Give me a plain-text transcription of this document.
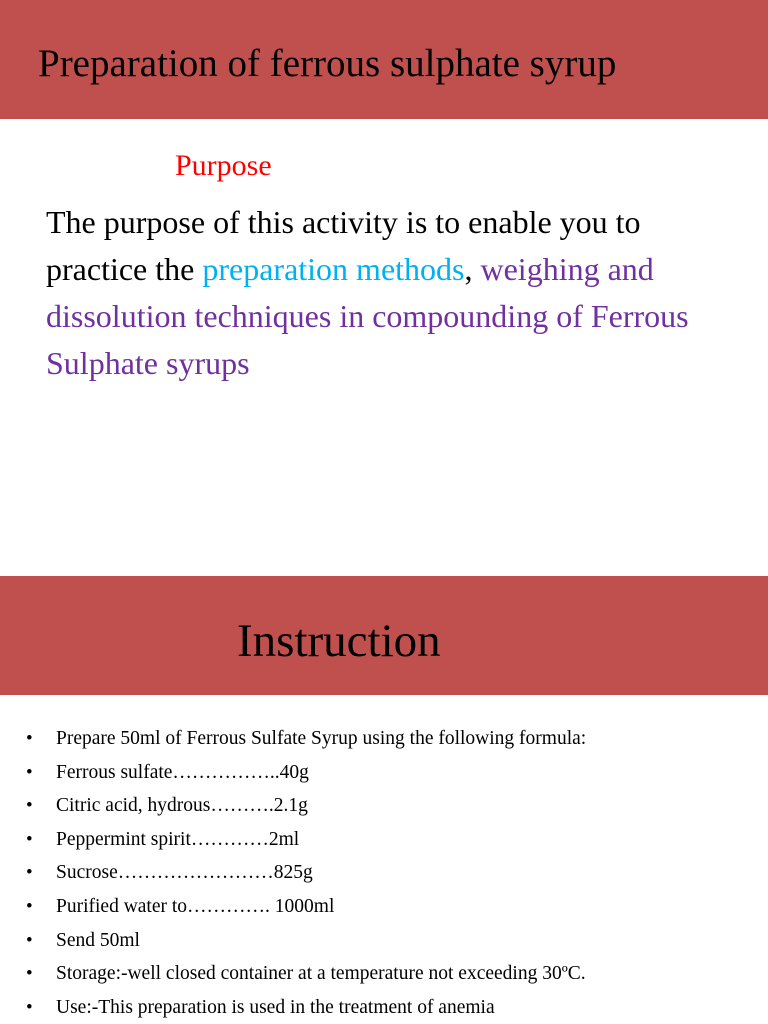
Preparation of ferrous sulphate syrup
Purpose
The purpose of this activity is to enable you to practice the preparation methods, weighing and dissolution techniques in compounding of Ferrous Sulphate syrups
Instruction
• Prepare 50ml of Ferrous Sulfate Syrup using the following formula:
• Ferrous sulfate……………..40g
• Citric acid, hydrous……….2.1g
• Peppermint spirit…………2ml
• Sucrose……………………825g
• Purified water to…………. 1000ml
• Send 50ml
• Storage:-well closed container at a temperature not exceeding 30ºC.
• Use:-This preparation is used in the treatment of anemia
